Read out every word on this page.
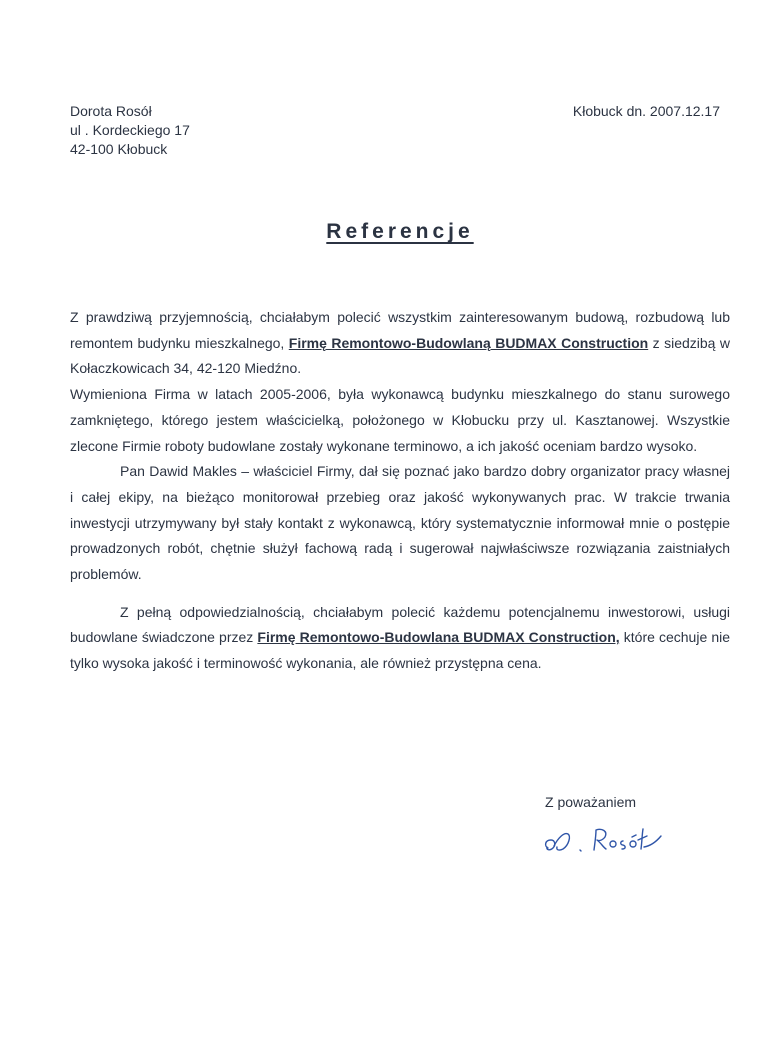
Dorota Rosół
ul . Kordeckiego 17
42-100 Kłobuck
Kłobuck dn. 2007.12.17
Referencje

Z prawdziwą przyjemnością, chciałabym polecić wszystkim zainteresowanym budową, rozbudową lub remontem budynku mieszkalnego, Firmę Remontowo-Budowlaną BUDMAX Construction z siedzibą w Kołaczkowicach 34, 42-120 Miedźno.

Wymieniona Firma w latach 2005-2006, była wykonawcą budynku mieszkalnego do stanu surowego zamkniętego, którego jestem właścicielką, położonego w Kłobucku przy ul. Kasztanowej. Wszystkie zlecone Firmie roboty budowlane zostały wykonane terminowo, a ich jakość oceniam bardzo wysoko.

Pan Dawid Makles – właściciel Firmy, dał się poznać jako bardzo dobry organizator pracy własnej i całej ekipy, na bieżąco monitorował przebieg oraz jakość wykonywanych prac. W trakcie trwania inwestycji utrzymywany był stały kontakt z wykonawcą, który systematycznie informował mnie o postępie prowadzonych robót, chętnie służył fachową radą i sugerował najwłaściwsze rozwiązania zaistniałych problemów.

Z pełną odpowiedzialnością, chciałabym polecić każdemu potencjalnemu inwestorowi, usługi budowlane świadczone przez Firmę Remontowo-Budowlana BUDMAX Construction, które cechuje nie tylko wysoka jakość i terminowość wykonania, ale również przystępna cena.

Z poważaniem
